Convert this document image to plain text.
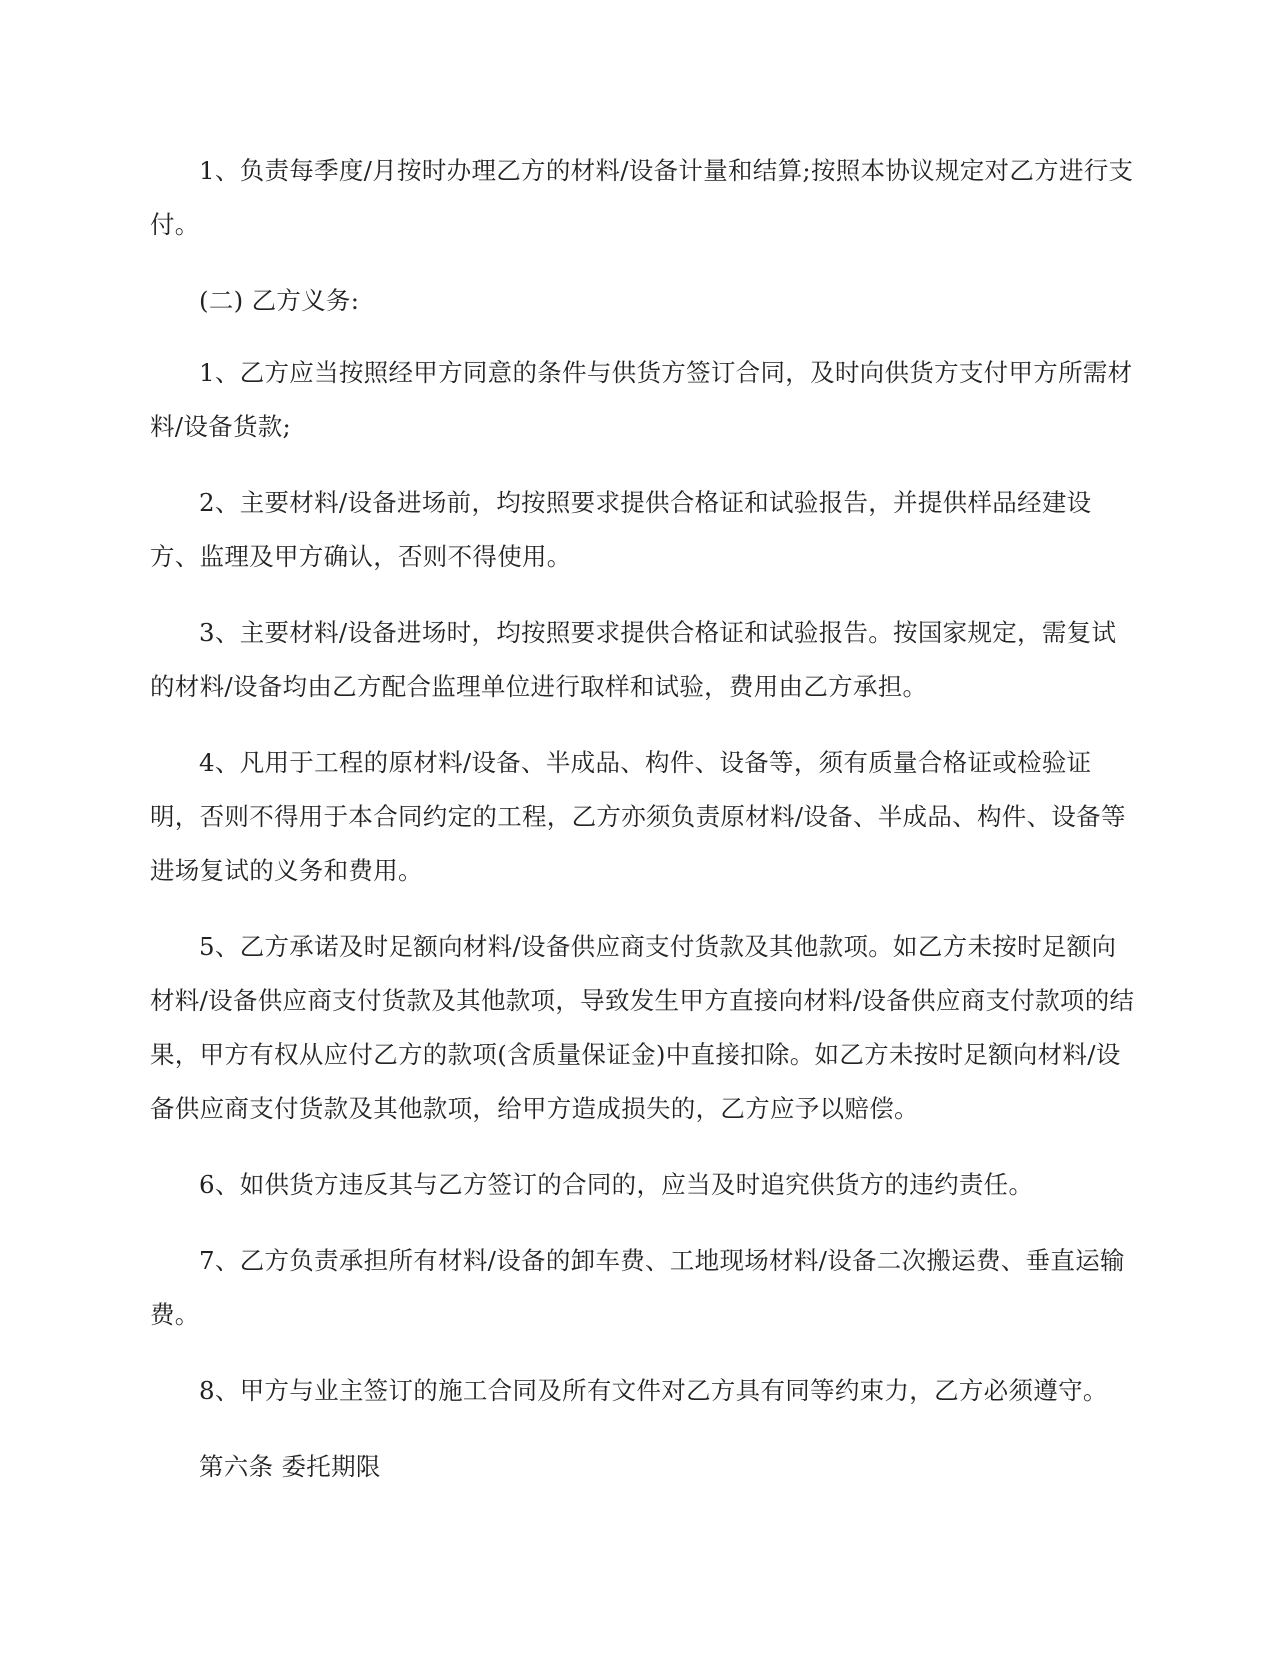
1、负责每季度/月按时办理乙方的材料/设备计量和结算;按照本协议规定对乙方进行支付。

(二) 乙方义务:

1、乙方应当按照经甲方同意的条件与供货方签订合同，及时向供货方支付甲方所需材料/设备货款;

2、主要材料/设备进场前，均按照要求提供合格证和试验报告，并提供样品经建设方、监理及甲方确认，否则不得使用。

3、主要材料/设备进场时，均按照要求提供合格证和试验报告。按国家规定，需复试的材料/设备均由乙方配合监理单位进行取样和试验，费用由乙方承担。

4、凡用于工程的原材料/设备、半成品、构件、设备等，须有质量合格证或检验证明，否则不得用于本合同约定的工程，乙方亦须负责原材料/设备、半成品、构件、设备等进场复试的义务和费用。

5、乙方承诺及时足额向材料/设备供应商支付货款及其他款项。如乙方未按时足额向材料/设备供应商支付货款及其他款项，导致发生甲方直接向材料/设备供应商支付款项的结果，甲方有权从应付乙方的款项(含质量保证金)中直接扣除。如乙方未按时足额向材料/设备供应商支付货款及其他款项，给甲方造成损失的，乙方应予以赔偿。

6、如供货方违反其与乙方签订的合同的，应当及时追究供货方的违约责任。

7、乙方负责承担所有材料/设备的卸车费、工地现场材料/设备二次搬运费、垂直运输费。

8、甲方与业主签订的施工合同及所有文件对乙方具有同等约束力，乙方必须遵守。

第六条 委托期限
